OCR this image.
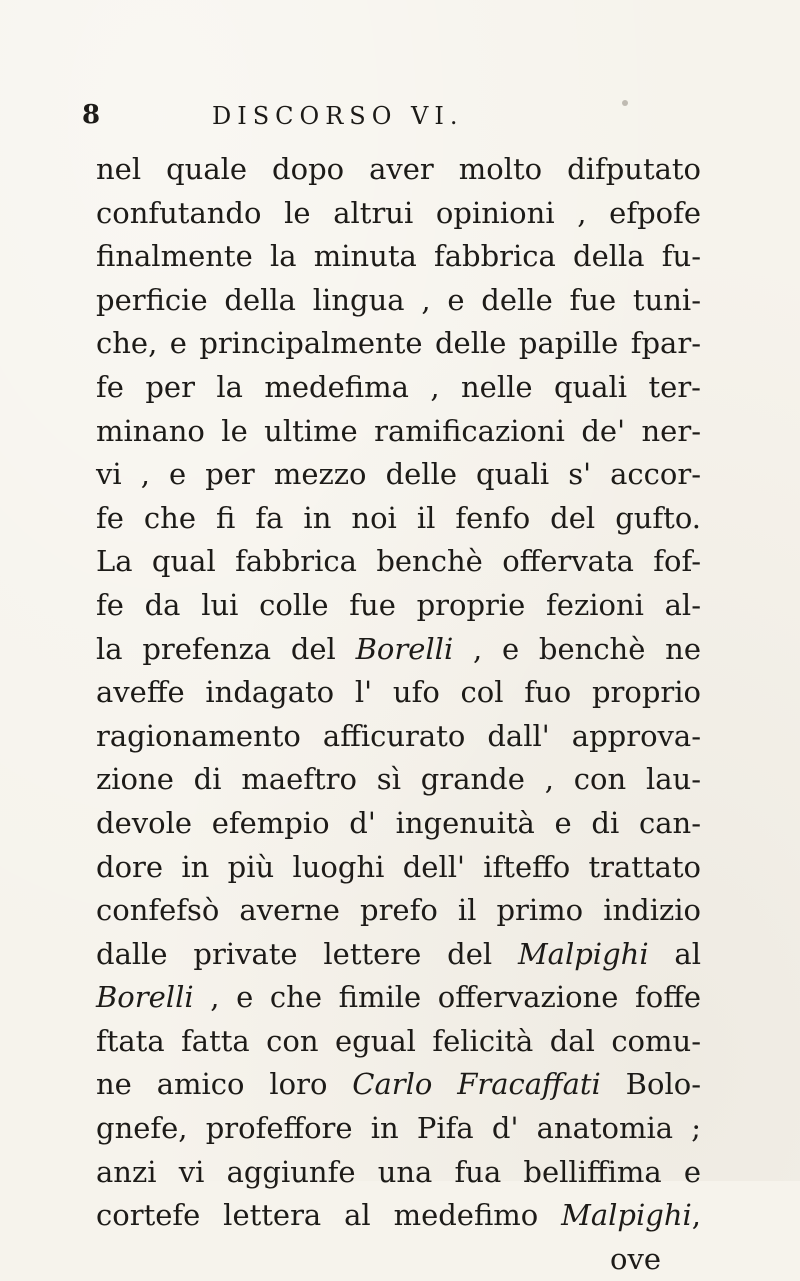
8	DISCORSO VI.
nel quale dopo aver molto difputato
confutando le altrui opinioni , efpofe
finalmente la minuta fabbrica della fu-
perficie della lingua , e delle fue tuni-
che, e principalmente delle papille fpar-
fe per la medefima , nelle quali ter-
minano le ultime ramificazioni de' ner-
vi , e per mezzo delle quali s' accor-
fe che fi fa in noi il fenfo del gufto.
La qual fabbrica benchè offervata fof-
fe da lui colle fue proprie fezioni al-
la prefenza del Borelli , e benchè ne
aveffe indagato l' ufo col fuo proprio
ragionamento afficurato dall' approva-
zione di maeftro sì grande , con lau-
devole efempio d' ingenuità e di can-
dore in più luoghi dell' ifteffo trattato
confefsò averne prefo il primo indizio
dalle private lettere del Malpighi al
Borelli , e che fimile offervazione foffe
ftata fatta con egual felicità dal comu-
ne amico loro Carlo Fracaffati Bolo-
gnefe, profeffore in Pifa d' anatomia ;
anzi vi aggiunfe una fua belliffima e
cortefe lettera al medefimo Malpighi,
ove
